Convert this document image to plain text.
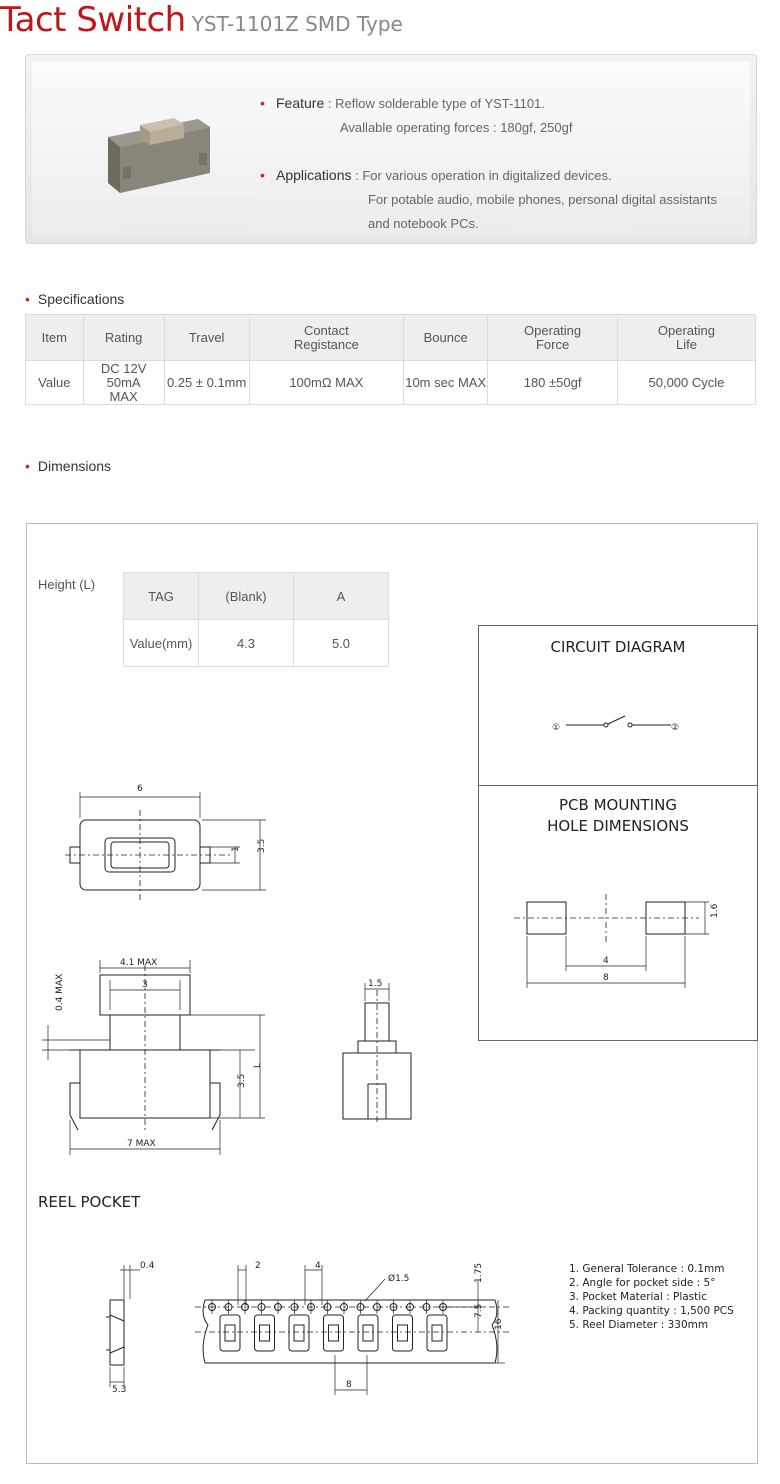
Tact Switch YST-1101Z SMD Type
• Feature : Reflow solderable type of YST-1101.
Avallable operating forces : 180gf, 250gf
• Applications : For various operation in digitalized devices.
For potable audio, mobile phones, personal digital assistants
and notebook PCs.
• Specifications
Item	Rating	Travel	Contact Registance	Bounce	Operating Force	Operating Life
Value	DC 12V 50mA MAX	0.25 ± 0.1mm	100mΩ MAX	10m sec MAX	180 ±50gf	50,000 Cycle
• Dimensions
Height (L)
TAG	(Blank)	A
Value(mm)	4.3	5.0	CIRCUIT DIAGRAM
PCB MOUNTING
HOLE DIMENSIONS
①	②
1.6
4
8
6
1 3.5
4.1 MAX
3
0.4 MAX
3.5
L
7 MAX
1.5
REEL POCKET
0.4
5.3
2	4
Ø1.5	1.75
7.5
16
8
1. General Tolerance : 0.1mm
2. Angle for pocket side : 5°
3. Pocket Material : Plastic
4. Packing quantity : 1,500 PCS
5. Reel Diameter : 330mm
